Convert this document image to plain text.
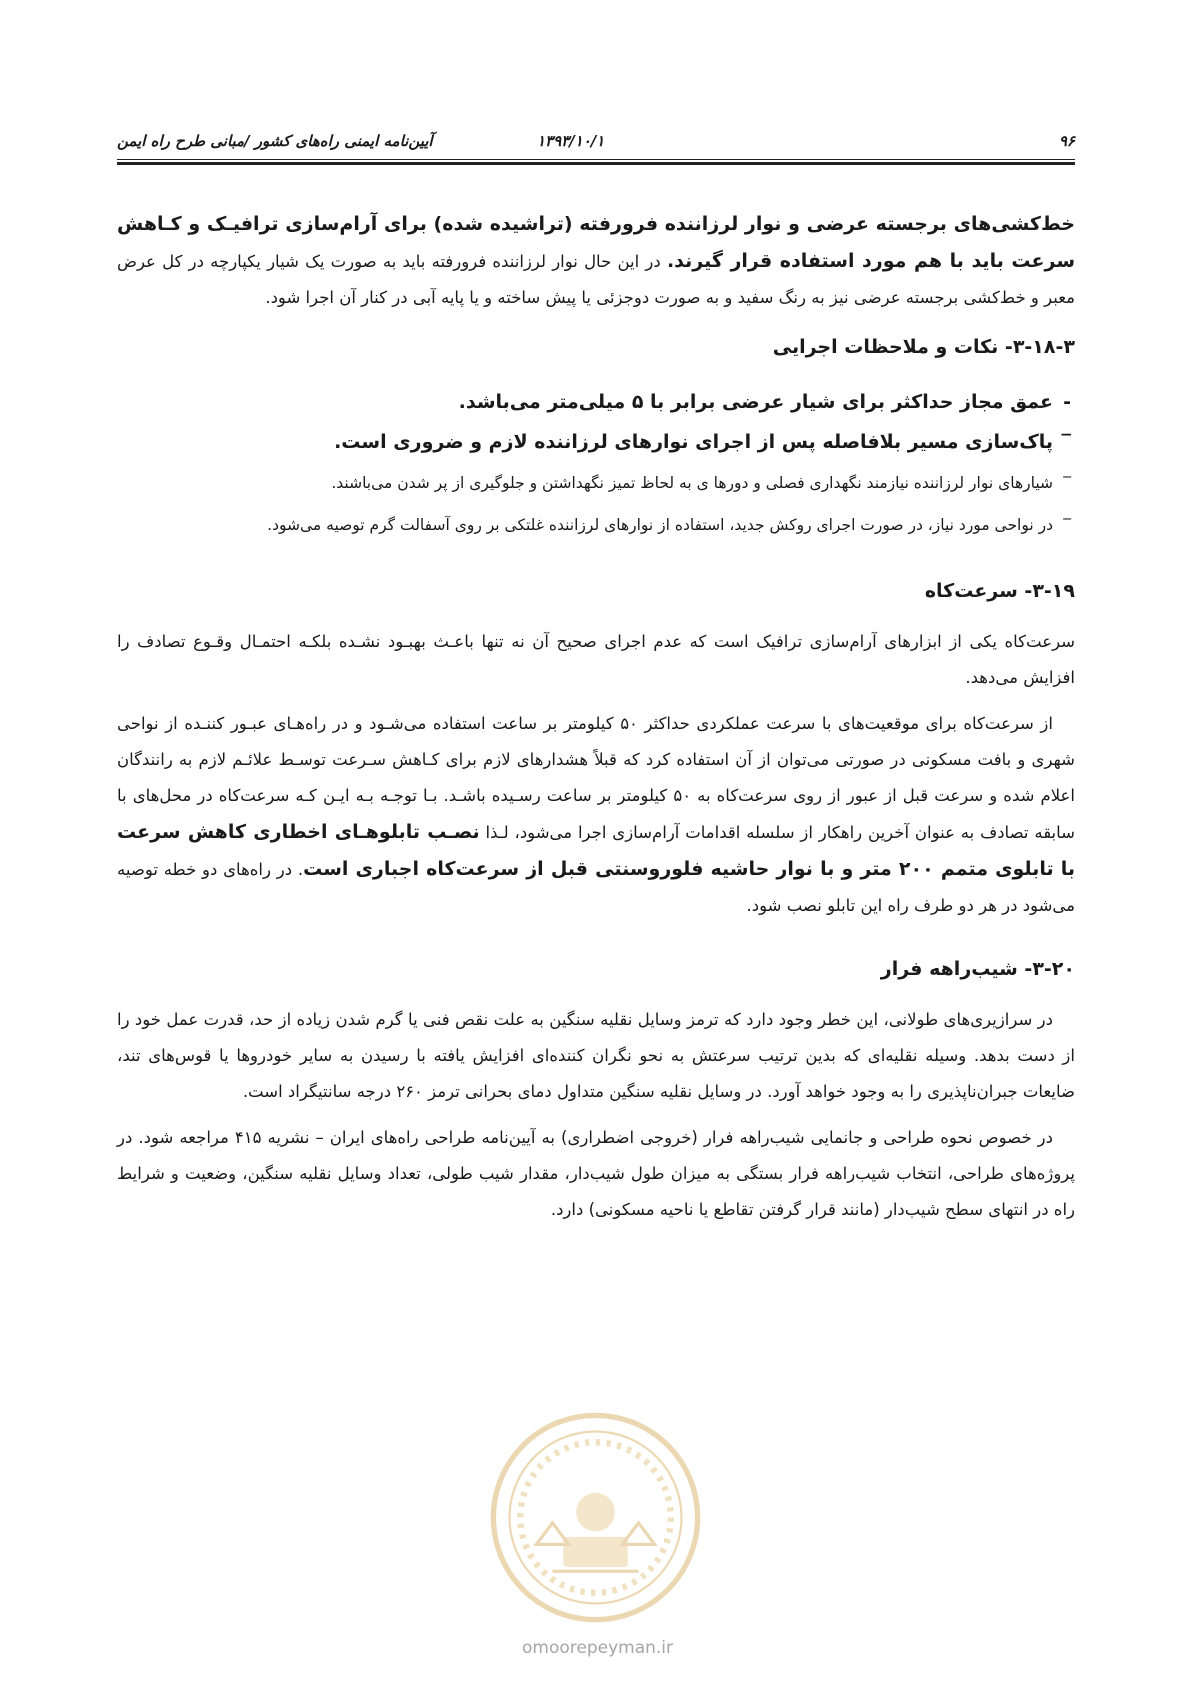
۹۶
۱۳۹۳/۱۰/۱
آیین‌نامه ایمنی راه‌های کشور /مبانی طرح راه ایمن

خط‌کشی‌های برجسته عرضی و نوار لرزاننده فرورفته (تراشیده شده) برای آرام‌سازی ترافیـک و کـاهش سرعت باید با هم مورد استفاده قرار گیرند. در این حال نوار لرزاننده فرورفته باید به صورت یک شیار یکپارچه در کل عرض معبر و خط‌کشی برجسته عرضی نیز به رنگ سفید و به صورت دوجزئی یا پیش ساخته و یا پایه آبی در کنار آن اجرا شود.

۳-۱۸-۳- نکات و ملاحظات اجرایی
-
عمق مجاز حداکثر برای شیار عرضی برابر با ۵ میلی‌متر می‌باشد.
‾
پاک‌سازی مسیر بلافاصله پس از اجرای نوارهای لرزاننده لازم و ضروری است.
‾
شیارهای نوار لرزاننده نیازمند نگهداری فصلی و دورها ی به لحاظ تمیز نگهداشتن و جلوگیری از پر شدن می‌باشند.
‾
در نواحی مورد نیاز، در صورت اجرای روکش جدید، استفاده از نوارهای لرزاننده غلتکی بر روی آسفالت گرم توصیه می‌شود.
۳-۱۹- سرعت‌کاه

سرعت‌کاه یکی از ابزارهای آرام‌سازی ترافیک است که عدم اجرای صحیح آن نه تنها باعـث بهبـود نشـده بلکـه احتمـال وقـوع تصادف را افزایش می‌دهد.

از سرعت‌کاه برای موقعیت‌های با سرعت عملکردی حداکثر ۵۰ کیلومتر بر ساعت استفاده می‌شـود و در راه‌هـای عبـور کننـده از نواحی شهری و بافت مسکونی در صورتی می‌توان از آن استفاده کرد که قبلاً هشدارهای لازم برای کـاهش سـرعت توسـط علائـم لازم به رانندگان اعلام شده و سرعت قبل از عبور از روی سرعت‌کاه به ۵۰ کیلومتر بر ساعت رسـیده باشـد. بـا توجـه بـه ایـن کـه سرعت‌کاه در محل‌های با سابقه تصادف به عنوان آخرین راهکار از سلسله اقدامات آرام‌سازی اجرا می‌شود، لـذا نصـب تابلوهـای اخطاری کاهش سرعت با تابلوی متمم ۲۰۰ متر و با نوار حاشیه فلوروسنتی قبل از سرعت‌کاه اجباری است. در راه‌های دو خطه توصیه می‌شود در هر دو طرف راه این تابلو نصب شود.

۳-۲۰- شیب‌راهه فرار

در سرازیری‌های طولانی، این خطر وجود دارد که ترمز وسایل نقلیه سنگین به علت نقص فنی یا گرم شدن زیاده از حد، قدرت عمل خود را از دست بدهد. وسیله نقلیه‌ای که بدین ترتیب سرعتش به نحو نگران کننده‌ای افزایش یافته با رسیدن به سایر خودروها یا قوس‌های تند، ضایعات جبران‌ناپذیری را به وجود خواهد آورد. در وسایل نقلیه سنگین متداول دمای بحرانی ترمز ۲۶۰ درجه سانتیگراد است.

در خصوص نحوه طراحی و جانمایی شیب‌راهه فرار (خروجی اضطراری) به آیین‌نامه طراحی راه‌های ایران – نشریه ۴۱۵ مراجعه شود. در پروژه‌های طراحی، انتخاب شیب‌راهه فرار بستگی به میزان طول شیب‌دار، مقدار شیب طولی، تعداد وسایل نقلیه سنگین، وضعیت و شرایط راه در انتهای سطح شیب‌دار (مانند قرار گرفتن تقاطع یا ناحیه مسکونی) دارد.

omoorepeyman.ir
